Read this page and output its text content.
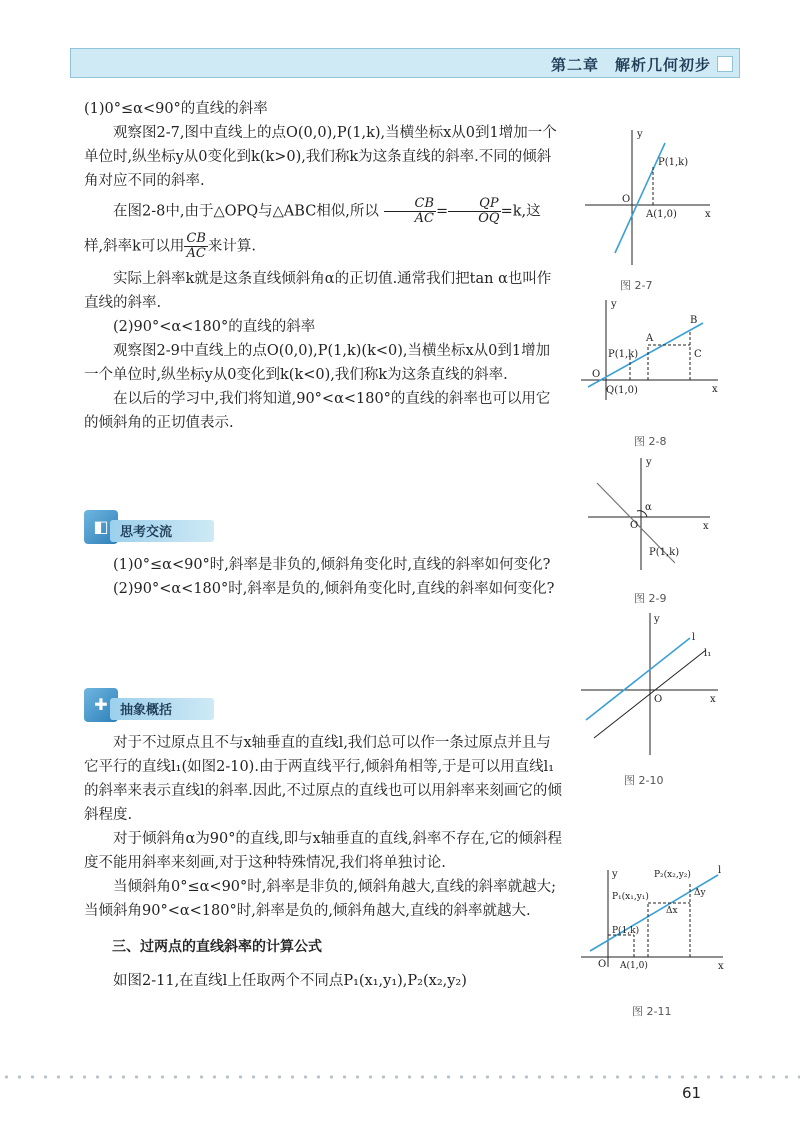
第二章　解析几何初步

(1)0°≤α<90°的直线的斜率

观察图2-7,图中直线上的点O(0,0),P(1,k),当横坐标x从0到1增加一个单位时,纵坐标y从0变化到k(k>0),我们称k为这条直线的斜率.不同的倾斜角对应不同的斜率.

在图2-8中,由于△OPQ与△ABC相似,所以 $\frac{CB}{AC} = \frac{QP}{OQ} =k$,这

样,斜率k可以用 $\frac{CB}{AC}$ 来计算.

实际上斜率k就是这条直线倾斜角α的正切值.通常我们把tan α也叫作直线的斜率.

(2)90°<α<180°的直线的斜率

观察图2-9中直线上的点O(0,0),P(1,k)(k<0),当横坐标x从0到1增加一个单位时,纵坐标y从0变化到k(k<0),我们称k为这条直线的斜率.

在以后的学习中,我们将知道,90°<α<180°的直线的斜率也可以用它的倾斜角的正切值表示.

◧ 思考交流

(1)0°≤α<90°时,斜率是非负的,倾斜角变化时,直线的斜率如何变化?

(2)90°<α<180°时,斜率是负的,倾斜角变化时,直线的斜率如何变化?

✚ 抽象概括

对于不过原点且不与x轴垂直的直线l,我们总可以作一条过原点并且与它平行的直线l₁(如图2-10).由于两直线平行,倾斜角相等,于是可以用直线l₁的斜率来表示直线l的斜率.因此,不过原点的直线也可以用斜率来刻画它的倾斜程度.

对于倾斜角α为90°的直线,即与x轴垂直的直线,斜率不存在,它的倾斜程度不能用斜率来刻画,对于这种特殊情况,我们将单独讨论.

当倾斜角0°≤α<90°时,斜率是非负的,倾斜角越大,直线的斜率就越大;当倾斜角90°<α<180°时,斜率是负的,倾斜角越大,直线的斜率就越大.

三、过两点的直线斜率的计算公式

如图2-11,在直线l上任取两个不同点P₁(x₁,y₁),P₂(x₂,y₂)

y
x
O
P(1,k)
A(1,0)
图 2-7
y
x
O
P(1,k)
A
B
C
Q(1,0)
图 2-8
y
x
O
α
P(1,k)
图 2-9
y
x
O
l
l₁
图 2-10
y
x
O
P₂(x₂,y₂)
P₁(x₁,y₁)
P(1,k)
A(1,0)
Δy
Δx
l
图 2-11
61
